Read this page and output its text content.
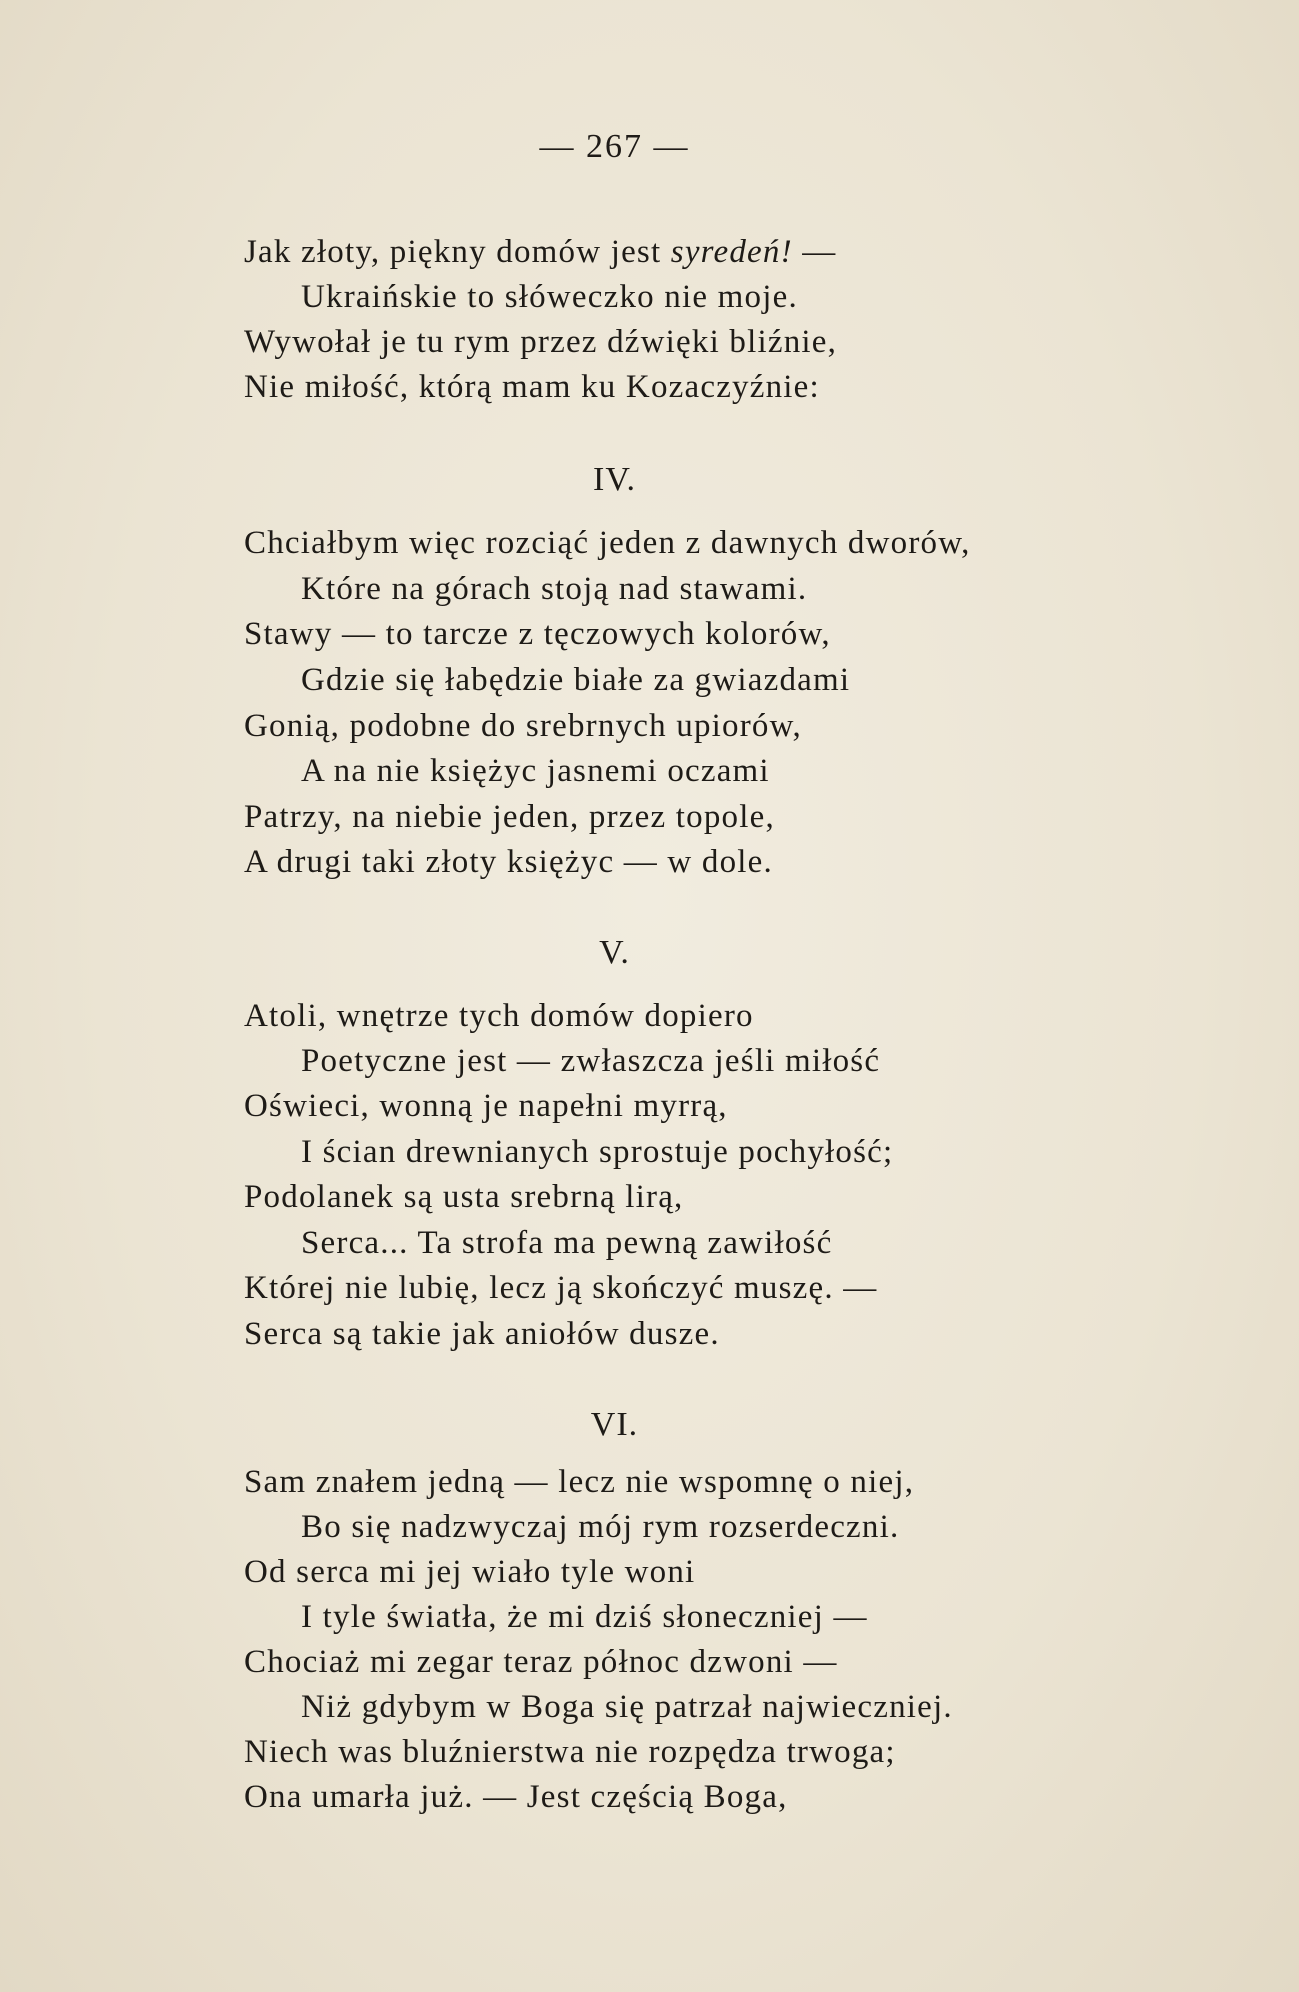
— 267 —
Jak złoty, piękny domów jest syredeń! —
Ukraińskie to słóweczko nie moje.
Wywołał je tu rym przez dźwięki bliźnie,
Nie miłość, którą mam ku Kozaczyźnie:
IV.
Chciałbym więc rozciąć jeden z dawnych dworów,
Które na górach stoją nad stawami.
Stawy — to tarcze z tęczowych kolorów,
Gdzie się łabędzie białe za gwiazdami
Gonią, podobne do srebrnych upiorów,
A na nie księżyc jasnemi oczami
Patrzy, na niebie jeden, przez topole,
A drugi taki złoty księżyc — w dole.
V.
Atoli, wnętrze tych domów dopiero
Poetyczne jest — zwłaszcza jeśli miłość
Oświeci, wonną je napełni myrrą,
I ścian drewnianych sprostuje pochyłość;
Podolanek są usta srebrną lirą,
Serca... Ta strofa ma pewną zawiłość
Której nie lubię, lecz ją skończyć muszę. —
Serca są takie jak aniołów dusze.
VI.
Sam znałem jedną — lecz nie wspomnę o niej,
Bo się nadzwyczaj mój rym rozserdeczni.
Od serca mi jej wiało tyle woni
I tyle światła, że mi dziś słoneczniej —
Chociaż mi zegar teraz północ dzwoni —
Niż gdybym w Boga się patrzał najwieczniej.
Niech was bluźnierstwa nie rozpędza trwoga;
Ona umarła już. — Jest częścią Boga,
